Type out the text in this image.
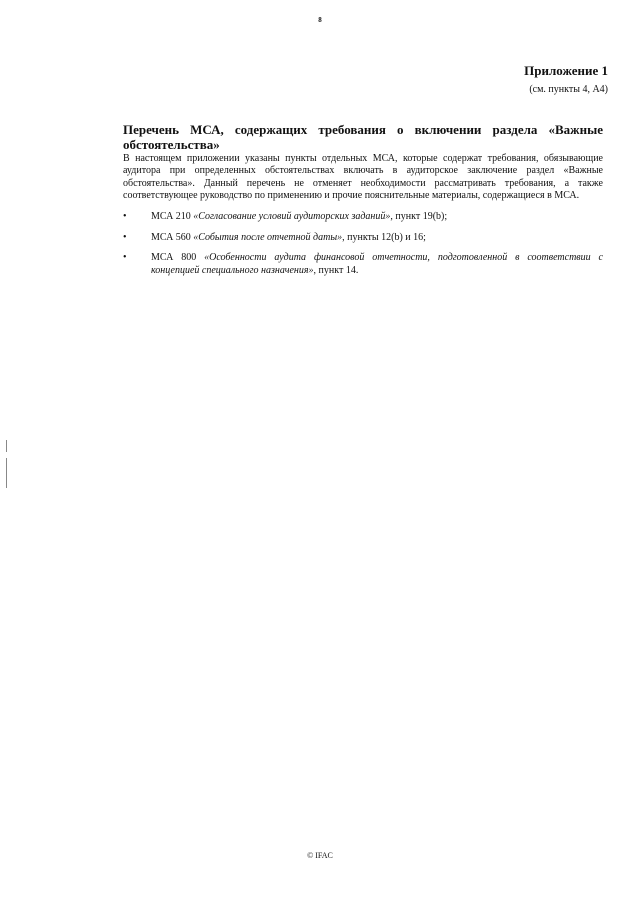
8
Приложение 1
(см. пункты 4, А4)
Перечень МСА, содержащих требования о включении раздела «Важные обстоятельства»

В настоящем приложении указаны пункты отдельных МСА, которые содержат требования, обязывающие аудитора при определенных обстоятельствах включать в аудиторское заключение раздел «Важные обстоятельства». Данный перечень не отменяет необходимости рассматривать требования, а также соответствующее руководство по применению и прочие пояснительные материалы, содержащиеся в МСА.

• МСА 210 «Согласование условий аудиторских заданий», пункт 19(b);
• МСА 560 «События после отчетной даты», пункты 12(b) и 16;
• МСА 800 «Особенности аудита финансовой отчетности, подготовленной в соответствии с концепцией специального назначения», пункт 14.
© IFAC
